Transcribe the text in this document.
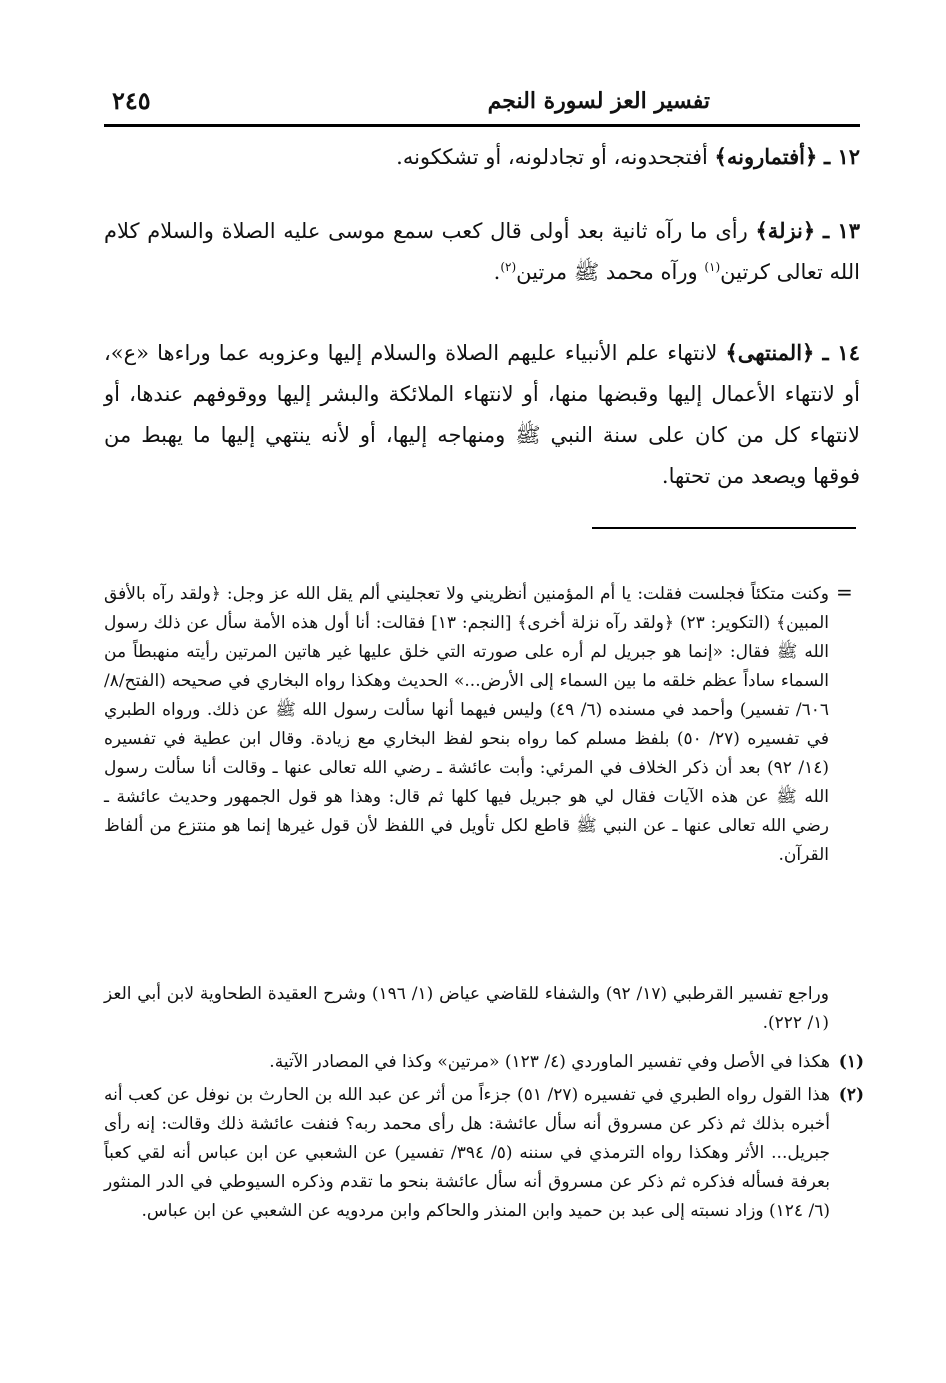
تفسير العز لسورة النجم
٢٤٥

١٢ ـ ﴿أفتمارونه﴾ أفتجحدونه، أو تجادلونه، أو تشككونه.

١٣ ـ ﴿نزلة﴾ رأى ما رآه ثانية بعد أولى قال كعب سمع موسى عليه الصلاة والسلام كلام الله تعالى كرتين$^{(١)}$ ورآه محمد ﷺ مرتين$^{(٢)}$.

١٤ ـ ﴿المنتهى﴾ لانتهاء علم الأنبياء عليهم الصلاة والسلام إليها وعزوبه عما وراءها «ع»، أو لانتهاء الأعمال إليها وقبضها منها، أو لانتهاء الملائكة والبشر إليها ووقوفهم عندها، أو لانتهاء كل من كان على سنة النبي ﷺ ومنهاجه إليها، أو لأنه ينتهي إليها ما يهبط من فوقها ويصعد من تحتها.

=

وكنت متكئاً فجلست فقلت: يا أم المؤمنين أنظريني ولا تعجليني ألم يقل الله عز وجل: ﴿ولقد رآه بالأفق المبين﴾ (التكوير: ٢٣) ﴿ولقد رآه نزلة أخرى﴾ [النجم: ١٣] فقالت: أنا أول هذه الأمة سأل عن ذلك رسول الله ﷺ فقال: «إنما هو جبريل لم أره على صورته التي خلق عليها غير هاتين المرتين رأيته منهبطاً من السماء ساداً عظم خلقه ما بين السماء إلى الأرض...» الحديث وهكذا رواه البخاري في صحيحه (الفتح/٨/ ٦٠٦/ تفسير) وأحمد في مسنده (٦/ ٤٩) وليس فيهما أنها سألت رسول الله ﷺ عن ذلك. ورواه الطبري في تفسيره (٢٧/ ٥٠) بلفظ مسلم كما رواه بنحو لفظ البخاري مع زيادة. وقال ابن عطية في تفسيره (١٤/ ٩٢) بعد أن ذكر الخلاف في المرئي: وأبت عائشة ـ رضي الله تعالى عنها ـ وقالت أنا سألت رسول الله ﷺ عن هذه الآيات فقال لي هو جبريل فيها كلها ثم قال: وهذا هو قول الجمهور وحديث عائشة ـ رضي الله تعالى عنها ـ عن النبي ﷺ قاطع لكل تأويل في اللفظ لأن قول غيرها إنما هو منتزع من ألفاظ القرآن.

وراجع تفسير القرطبي (١٧/ ٩٢) والشفاء للقاضي عياض (١/ ١٩٦) وشرح العقيدة الطحاوية لابن أبي العز (١/ ٢٢٢).

(١)
هكذا في الأصل وفي تفسير الماوردي (٤/ ١٢٣) «مرتين» وكذا في المصادر الآتية.
(٢)
هذا القول رواه الطبري في تفسيره (٢٧/ ٥١) جزءاً من أثر عن عبد الله بن الحارث بن نوفل عن كعب أنه أخبره بذلك ثم ذكر عن مسروق أنه سأل عائشة: هل رأى محمد ربه؟ فنفت عائشة ذلك وقالت: إنه رأى جبريل... الأثر وهكذا رواه الترمذي في سننه (٥/ ٣٩٤/ تفسير) عن الشعبي عن ابن عباس أنه لقي كعباً بعرفة فسأله فذكره ثم ذكر عن مسروق أنه سأل عائشة بنحو ما تقدم وذكره السيوطي في الدر المنثور (٦/ ١٢٤) وزاد نسبته إلى عبد بن حميد وابن المنذر والحاكم وابن مردويه عن الشعبي عن ابن عباس.
